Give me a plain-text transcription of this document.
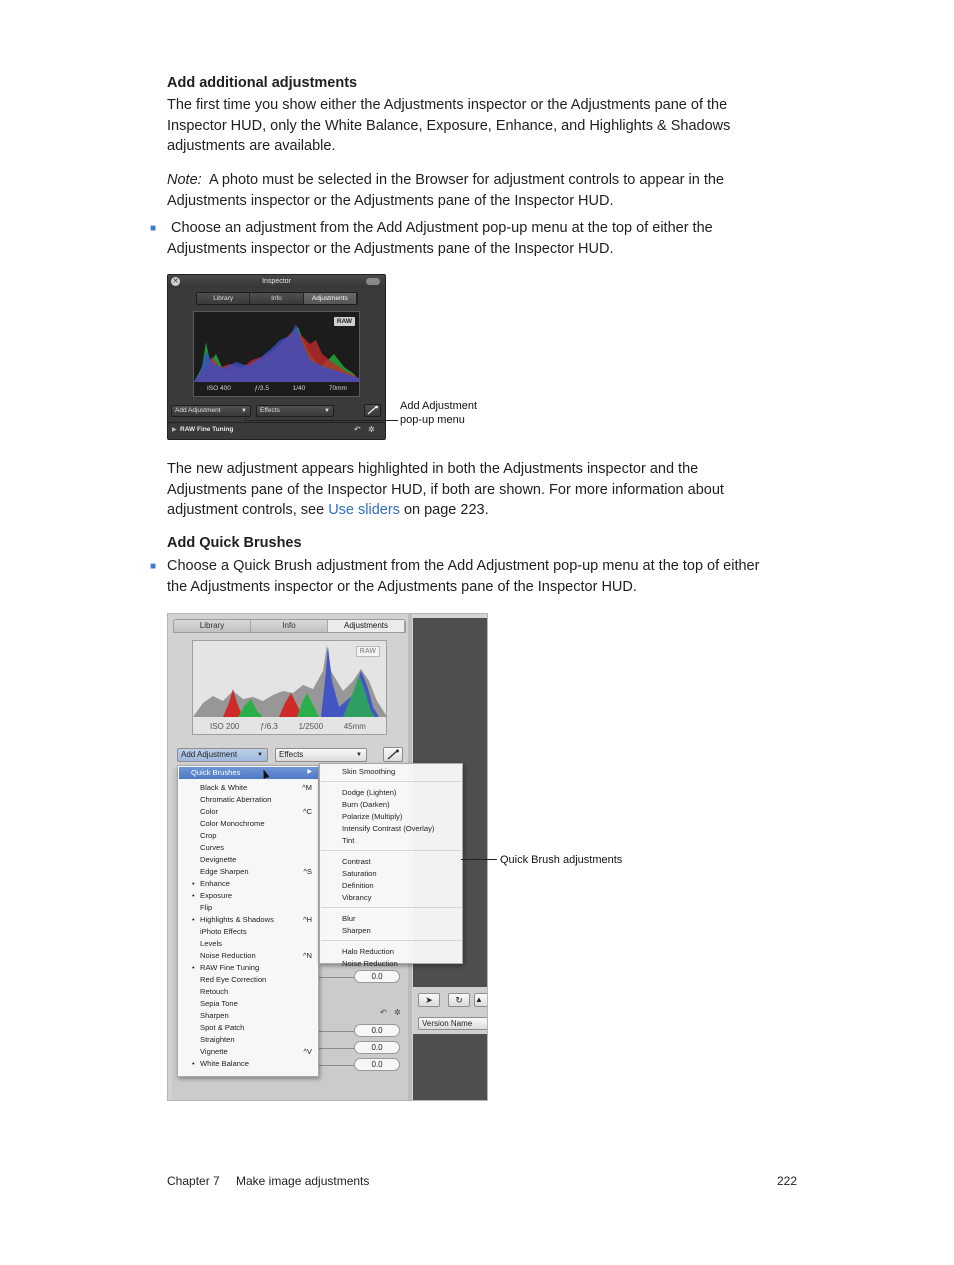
Add additional adjustments
The first time you show either the Adjustments inspector or the Adjustments pane of the
Inspector HUD, only the White Balance, Exposure, Enhance, and Highlights & Shadows
adjustments are available.
Note: A photo must be selected in the Browser for adjustment controls to appear in the
Adjustments inspector or the Adjustments pane of the Inspector HUD.
■ Choose an adjustment from the Add Adjustment pop-up menu at the top of either the
Adjustments inspector or the Adjustments pane of the Inspector HUD.
Inspector
✕
Library	Info	Adjustments
RAW
ISO 400	ƒ/3.5	1/40	70mm
Add Adjustment	▼	Effects	▼
▶ RAW Fine Tuning	↶ ✲
Add Adjustment
pop-up menu
The new adjustment appears highlighted in both the Adjustments inspector and the
Adjustments pane of the Inspector HUD, if both are shown. For more information about
adjustment controls, see Use sliders on page 223.
Add Quick Brushes
■ Choose a Quick Brush adjustment from the Add Adjustment pop-up menu at the top of either
the Adjustments inspector or the Adjustments pane of the Inspector HUD.
➤	↻	▲
Version Name
Library	Info	Adjustments
RAW
ISO 200	ƒ/6.3	1/2500	45mm
Add Adjustment	▼	Effects	▼
0.0
↶ ✲
0.0
0.0
0.0
Quick Brushes	▶
Black & White	^M
Chromatic Aberration
Color	^C
Color Monochrome
Crop
Curves
Devignette
Edge Sharpen	^S
• Enhance
• Exposure
Flip
• Highlights & Shadows	^H
iPhoto Effects
Levels
Noise Reduction	^N
• RAW Fine Tuning
Red Eye Correction
Retouch
Sepia Tone
Sharpen
Spot & Patch
Straighten
Vignette	^V
• White Balance
Skin Smoothing
Dodge (Lighten)
Burn (Darken)
Polarize (Multiply)
Intensify Contrast (Overlay)
Tint
Contrast
Saturation
Definition
Vibrancy
Blur
Sharpen
Halo Reduction
Noise Reduction
Quick Brush adjustments
Chapter 7 Make image adjustments	222
